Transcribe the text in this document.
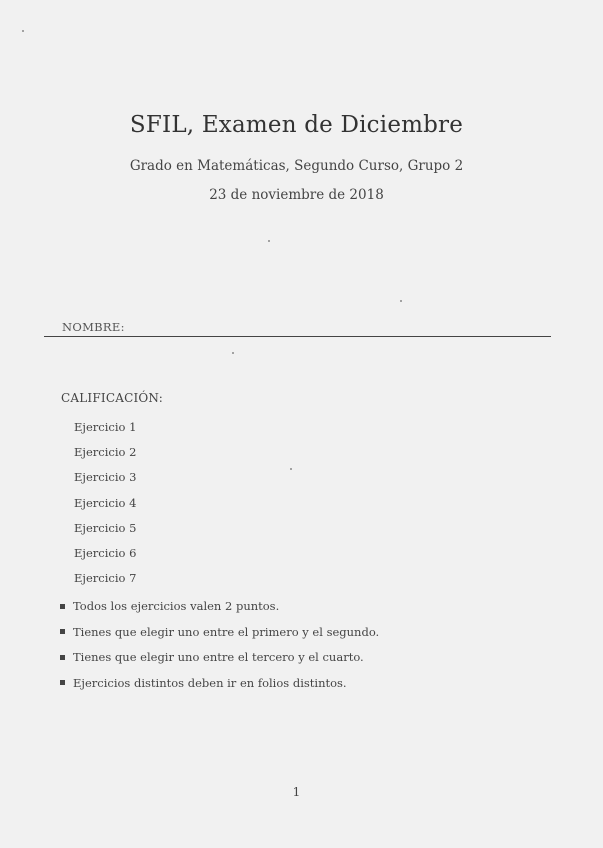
SFIL, Examen de Diciembre
Grado en Matemáticas, Segundo Curso, Grupo 2
23 de noviembre de 2018
NOMBRE:
CALIFICACIÓN:
Ejercicio 1
Ejercicio 2
Ejercicio 3
Ejercicio 4
Ejercicio 5
Ejercicio 6
Ejercicio 7
Todos los ejercicios valen 2 puntos.
Tienes que elegir uno entre el primero y el segundo.
Tienes que elegir uno entre el tercero y el cuarto.
Ejercicios distintos deben ir en folios distintos.
1
